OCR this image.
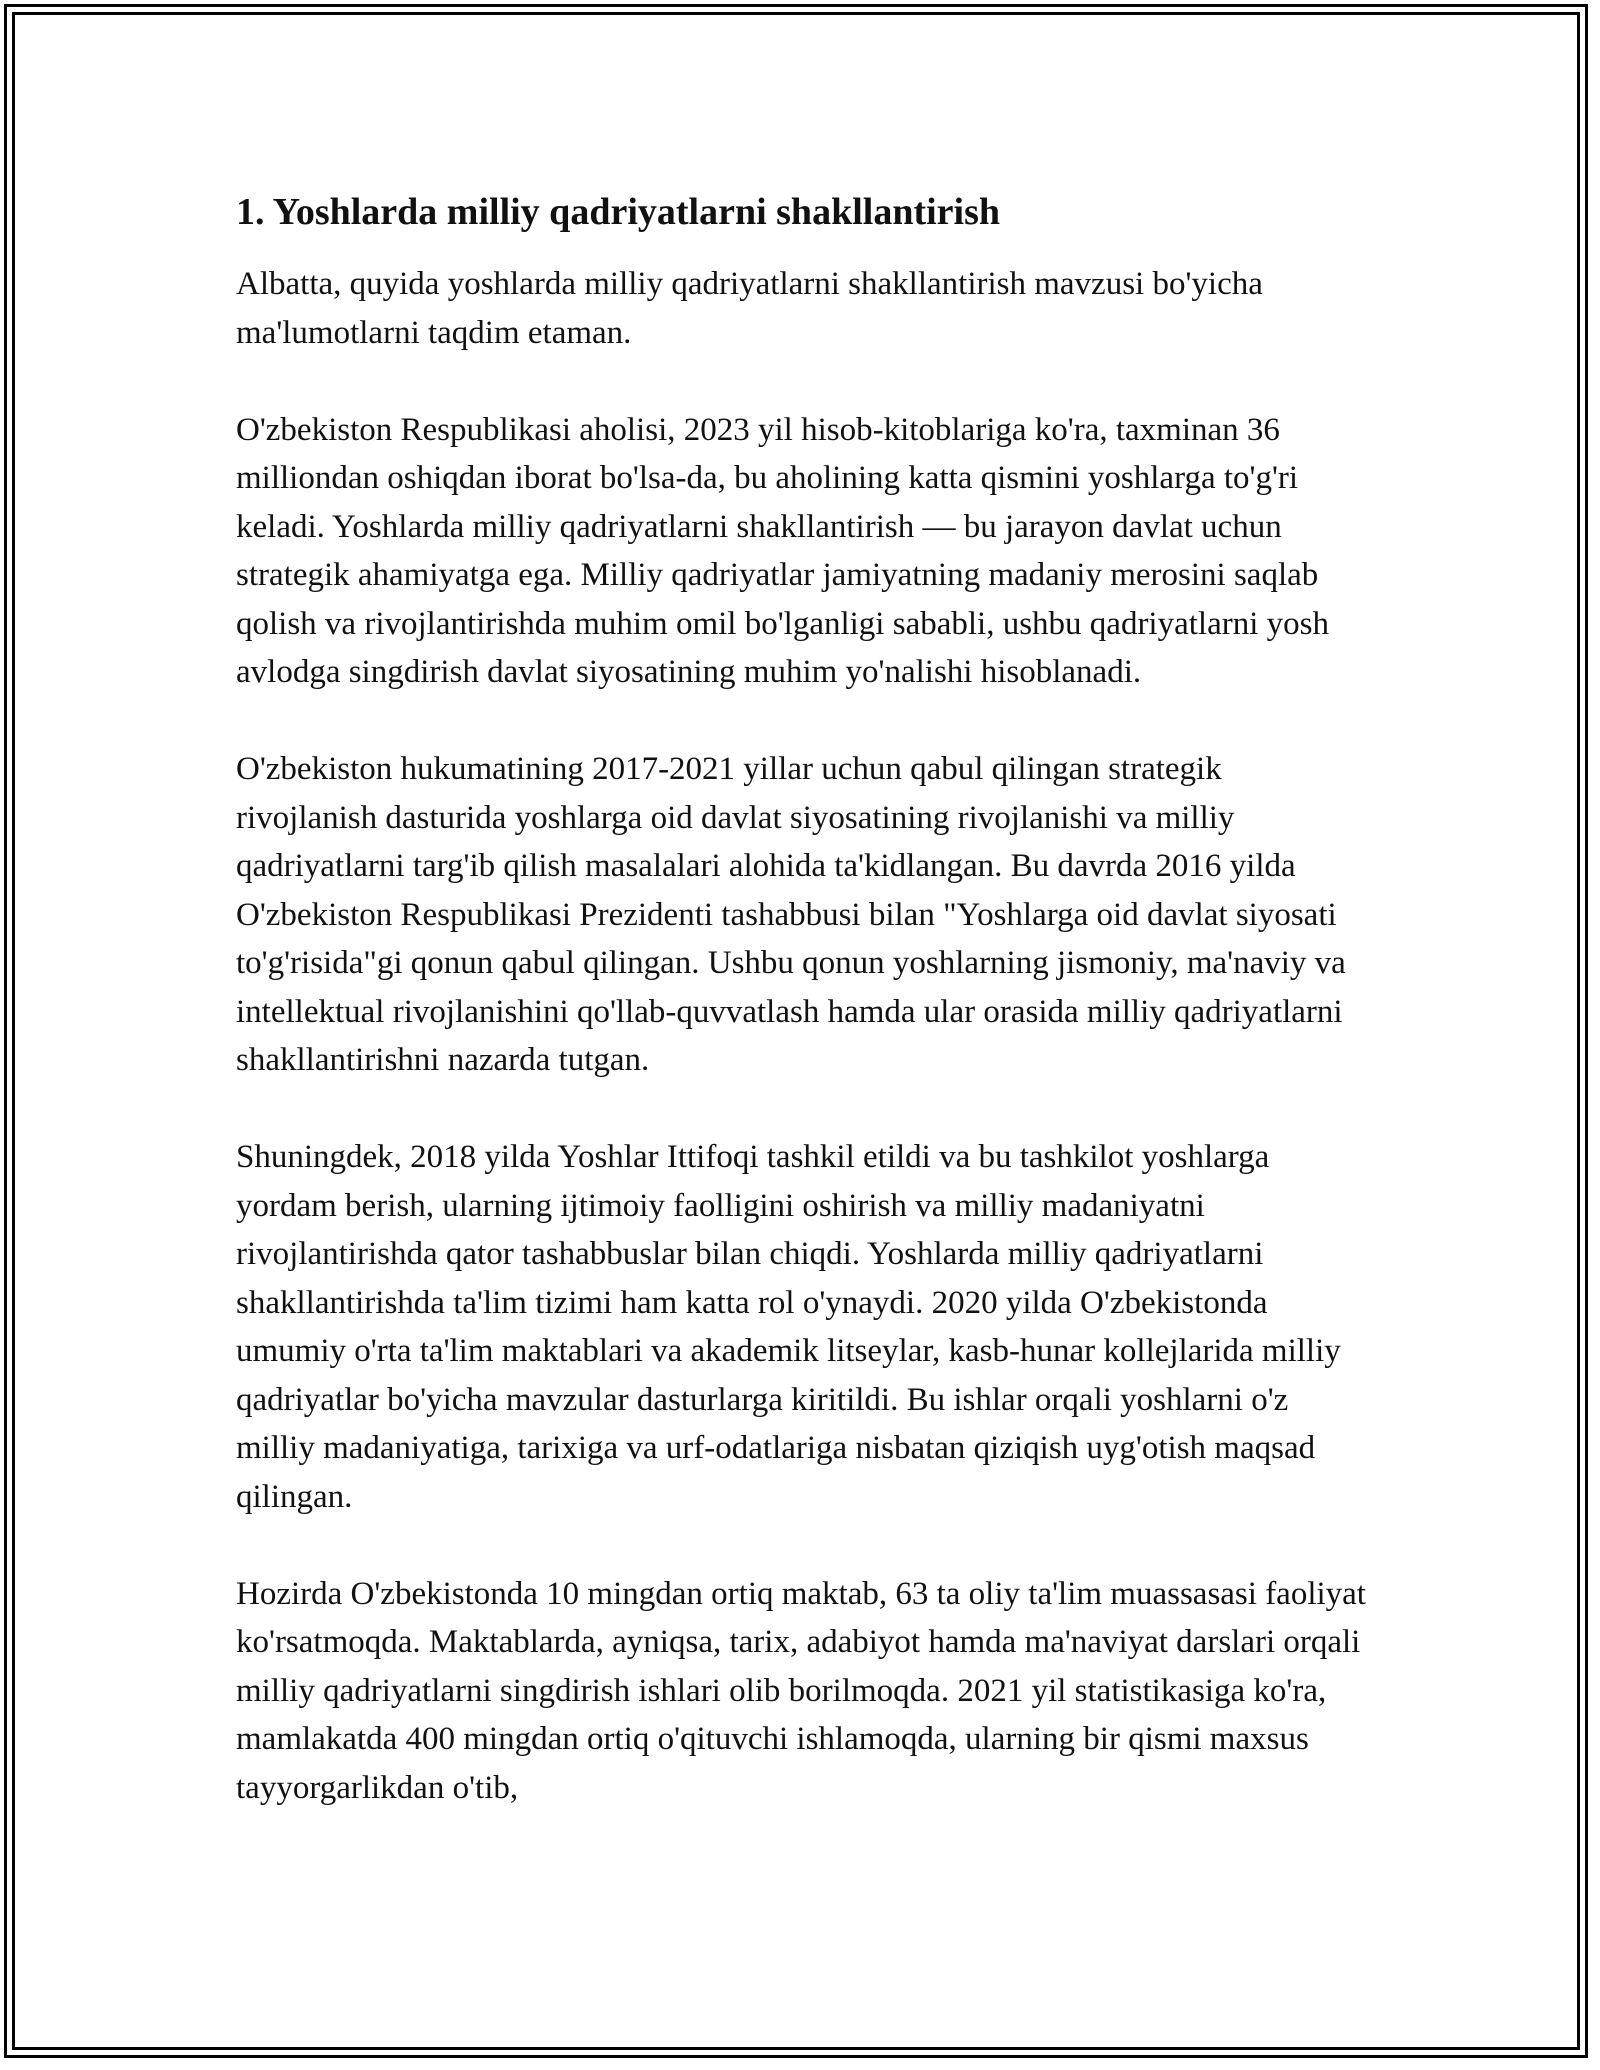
1. Yoshlarda milliy qadriyatlarni shakllantirish

Albatta, quyida yoshlarda milliy qadriyatlarni shakllantirish mavzusi bo'yicha ma'lumotlarni taqdim etaman.

O'zbekiston Respublikasi aholisi, 2023 yil hisob-kitoblariga ko'ra, taxminan 36 milliondan oshiqdan iborat bo'lsa-da, bu aholining katta qismini yoshlarga to'g'ri keladi. Yoshlarda milliy qadriyatlarni shakllantirish — bu jarayon davlat uchun strategik ahamiyatga ega. Milliy qadriyatlar jamiyatning madaniy merosini saqlab qolish va rivojlantirishda muhim omil bo'lganligi sababli, ushbu qadriyatlarni yosh avlodga singdirish davlat siyosatining muhim yo'nalishi hisoblanadi.

O'zbekiston hukumatining 2017-2021 yillar uchun qabul qilingan strategik rivojlanish dasturida yoshlarga oid davlat siyosatining rivojlanishi va milliy qadriyatlarni targ'ib qilish masalalari alohida ta'kidlangan. Bu davrda 2016 yilda O'zbekiston Respublikasi Prezidenti tashabbusi bilan "Yoshlarga oid davlat siyosati to'g'risida"gi qonun qabul qilingan. Ushbu qonun yoshlarning jismoniy, ma'naviy va intellektual rivojlanishini qo'llab-quvvatlash hamda ular orasida milliy qadriyatlarni shakllantirishni nazarda tutgan.

Shuningdek, 2018 yilda Yoshlar Ittifoqi tashkil etildi va bu tashkilot yoshlarga yordam berish, ularning ijtimoiy faolligini oshirish va milliy madaniyatni rivojlantirishda qator tashabbuslar bilan chiqdi. Yoshlarda milliy qadriyatlarni shakllantirishda ta'lim tizimi ham katta rol o'ynaydi. 2020 yilda O'zbekistonda umumiy o'rta ta'lim maktablari va akademik litseylar, kasb-hunar kollejlarida milliy qadriyatlar bo'yicha mavzular dasturlarga kiritildi. Bu ishlar orqali yoshlarni o'z milliy madaniyatiga, tarixiga va urf-odatlariga nisbatan qiziqish uyg'otish maqsad qilingan.

Hozirda O'zbekistonda 10 mingdan ortiq maktab, 63 ta oliy ta'lim muassasasi faoliyat ko'rsatmoqda. Maktablarda, ayniqsa, tarix, adabiyot hamda ma'naviyat darslari orqali milliy qadriyatlarni singdirish ishlari olib borilmoqda. 2021 yil statistikasiga ko'ra, mamlakatda 400 mingdan ortiq o'qituvchi ishlamoqda, ularning bir qismi maxsus tayyorgarlikdan o'tib,
